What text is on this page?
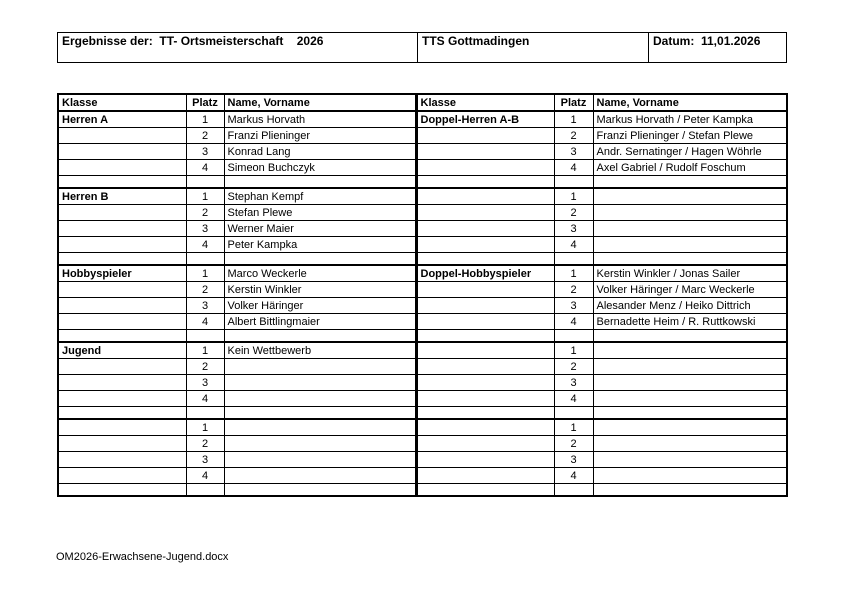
Ergebnisse der:  TT- Ortsmeisterschaft    2026	TTS Gottmadingen	Datum:  11,01.2026
Klasse	Platz	Name, Vorname	Klasse	Platz	Name, Vorname
Herren A	1	Markus Horvath	Doppel-Herren A-B	1	Markus Horvath / Peter Kampka
	2	Franzi Plieninger		2	Franzi Plieninger / Stefan Plewe
	3	Konrad Lang		3	Andr. Sernatinger / Hagen Wöhrle
	4	Simeon Buchczyk		4	Axel Gabriel / Rudolf Foschum

Herren B	1	Stephan Kempf		1	
	2	Stefan Plewe		2	
	3	Werner Maier		3	
	4	Peter Kampka		4	

Hobbyspieler	1	Marco Weckerle	Doppel-Hobbyspieler	1	Kerstin Winkler / Jonas Sailer
	2	Kerstin Winkler		2	Volker Häringer / Marc Weckerle
	3	Volker Häringer		3	Alesander Menz / Heiko Dittrich
	4	Albert Bittlingmaier		4	Bernadette Heim / R. Ruttkowski

Jugend	1	Kein Wettbewerb		1	
	2			2	
	3			3	
	4			4	

	1			1	
	2			2	
	3			3	
	4			4	

OM2026-Erwachsene-Jugend.docx
